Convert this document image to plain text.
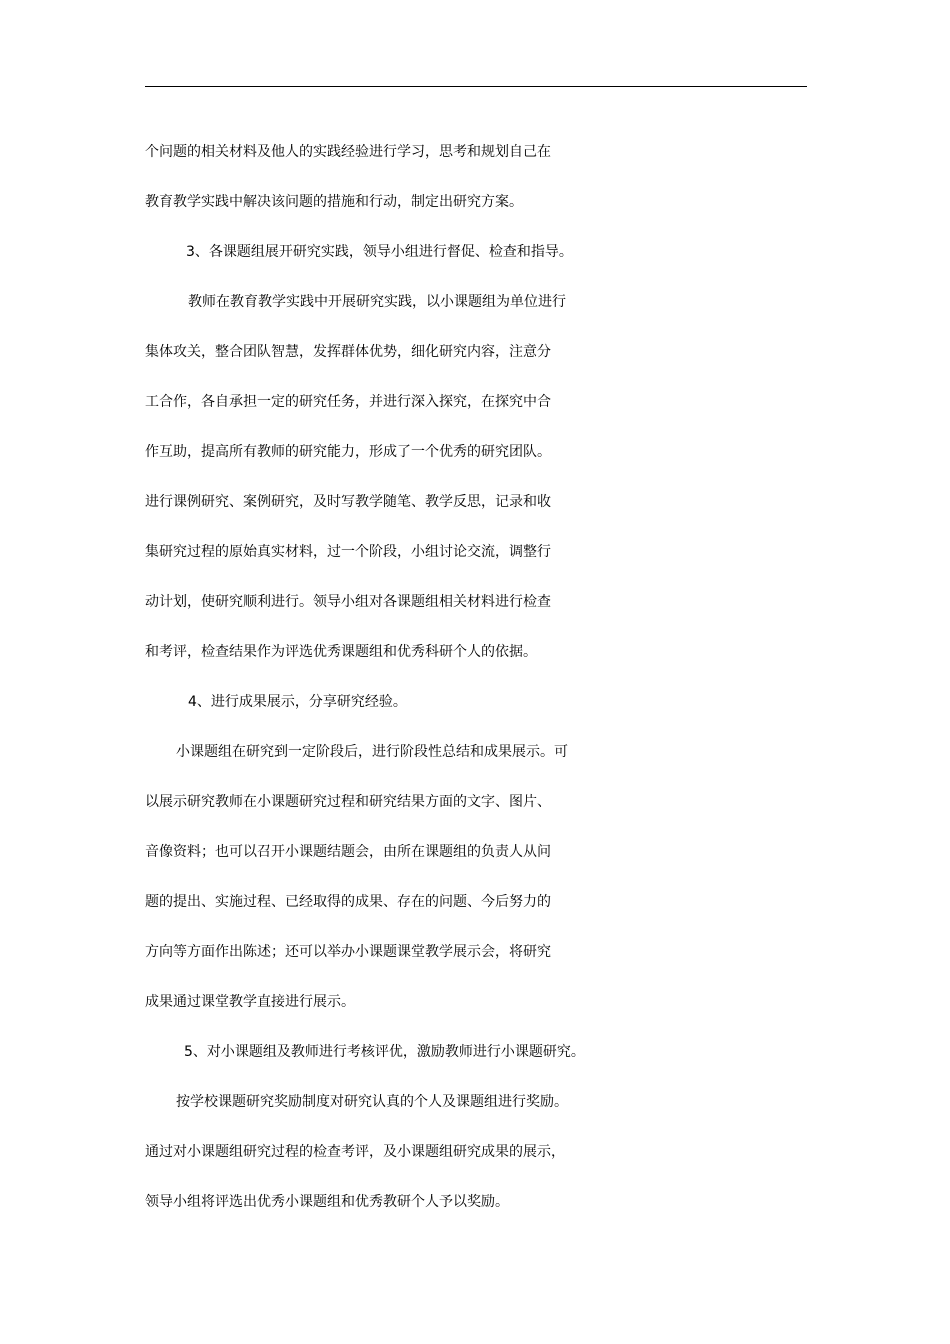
个问题的相关材料及他人的实践经验进行学习，思考和规划自己在
教育教学实践中解决该问题的措施和行动，制定出研究方案。
3、各课题组展开研究实践，领导小组进行督促、检查和指导。
教师在教育教学实践中开展研究实践，以小课题组为单位进行
集体攻关，整合团队智慧，发挥群体优势，细化研究内容，注意分
工合作，各自承担一定的研究任务，并进行深入探究，在探究中合
作互助，提高所有教师的研究能力，形成了一个优秀的研究团队。
进行课例研究、案例研究，及时写教学随笔、教学反思，记录和收
集研究过程的原始真实材料，过一个阶段，小组讨论交流，调整行
动计划，使研究顺利进行。领导小组对各课题组相关材料进行检查
和考评，检查结果作为评选优秀课题组和优秀科研个人的依据。
4、进行成果展示，分享研究经验。
小课题组在研究到一定阶段后，进行阶段性总结和成果展示。可
以展示研究教师在小课题研究过程和研究结果方面的文字、图片、
音像资料；也可以召开小课题结题会，由所在课题组的负责人从问
题的提出、实施过程、已经取得的成果、存在的问题、今后努力的
方向等方面作出陈述；还可以举办小课题课堂教学展示会，将研究
成果通过课堂教学直接进行展示。
5、对小课题组及教师进行考核评优，激励教师进行小课题研究。
按学校课题研究奖励制度对研究认真的个人及课题组进行奖励。
通过对小课题组研究过程的检查考评，及小课题组研究成果的展示，
领导小组将评选出优秀小课题组和优秀教研个人予以奖励。
